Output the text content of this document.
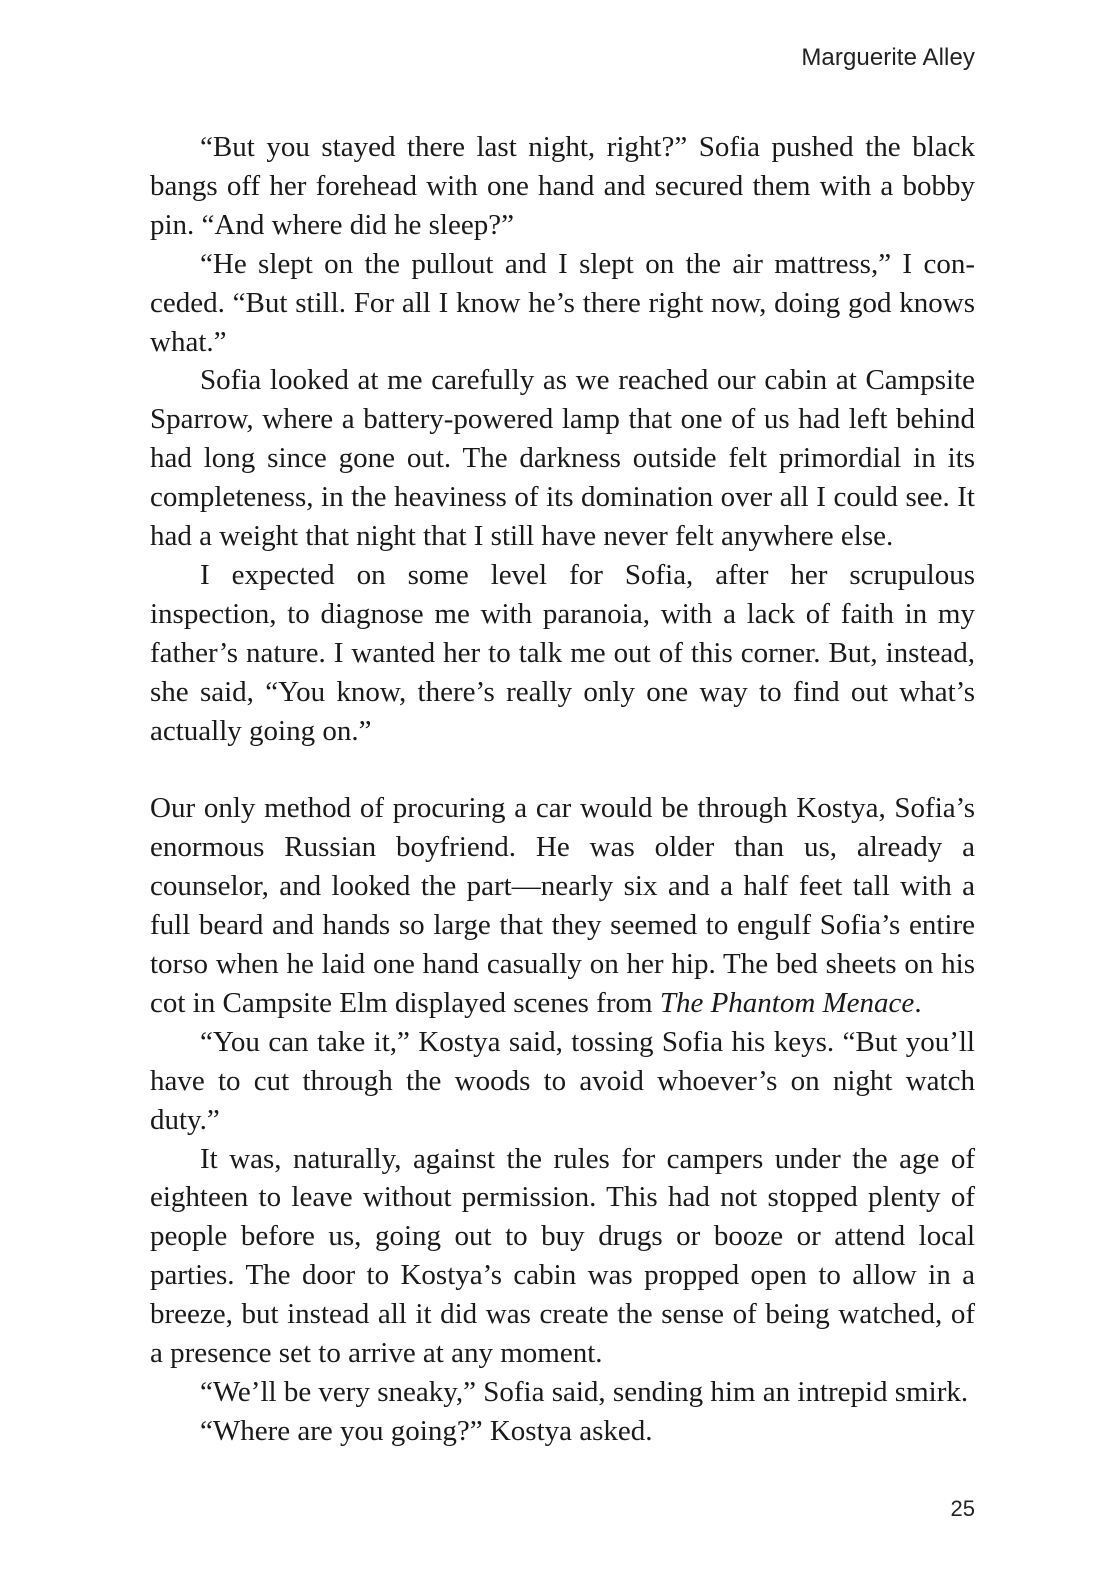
Marguerite Alley

“But you stayed there last night, right?” Sofia pushed the black bangs off her forehead with one hand and secured them with a bobby pin. “And where did he sleep?”

“He slept on the pullout and I slept on the air mattress,” I conceded. “But still. For all I know he’s there right now, doing god knows what.”

Sofia looked at me carefully as we reached our cabin at Campsite Sparrow, where a battery-powered lamp that one of us had left behind had long since gone out. The darkness outside felt primordial in its completeness, in the heaviness of its domination over all I could see. It had a weight that night that I still have never felt anywhere else.

I expected on some level for Sofia, after her scrupulous inspection, to diagnose me with paranoia, with a lack of faith in my father’s nature. I wanted her to talk me out of this corner. But, instead, she said, “You know, there’s really only one way to find out what’s actually going on.”

Our only method of procuring a car would be through Kostya, Sofia’s enormous Russian boyfriend. He was older than us, already a counselor, and looked the part—nearly six and a half feet tall with a full beard and hands so large that they seemed to engulf Sofia’s entire torso when he laid one hand casually on her hip. The bed sheets on his cot in Campsite Elm displayed scenes from The Phantom Menace.

“You can take it,” Kostya said, tossing Sofia his keys. “But you’ll have to cut through the woods to avoid whoever’s on night watch duty.”

It was, naturally, against the rules for campers under the age of eighteen to leave without permission. This had not stopped plenty of people before us, going out to buy drugs or booze or attend local parties. The door to Kostya’s cabin was propped open to allow in a breeze, but instead all it did was create the sense of being watched, of a presence set to arrive at any moment.

“We’ll be very sneaky,” Sofia said, sending him an intrepid smirk.

“Where are you going?” Kostya asked.

25
